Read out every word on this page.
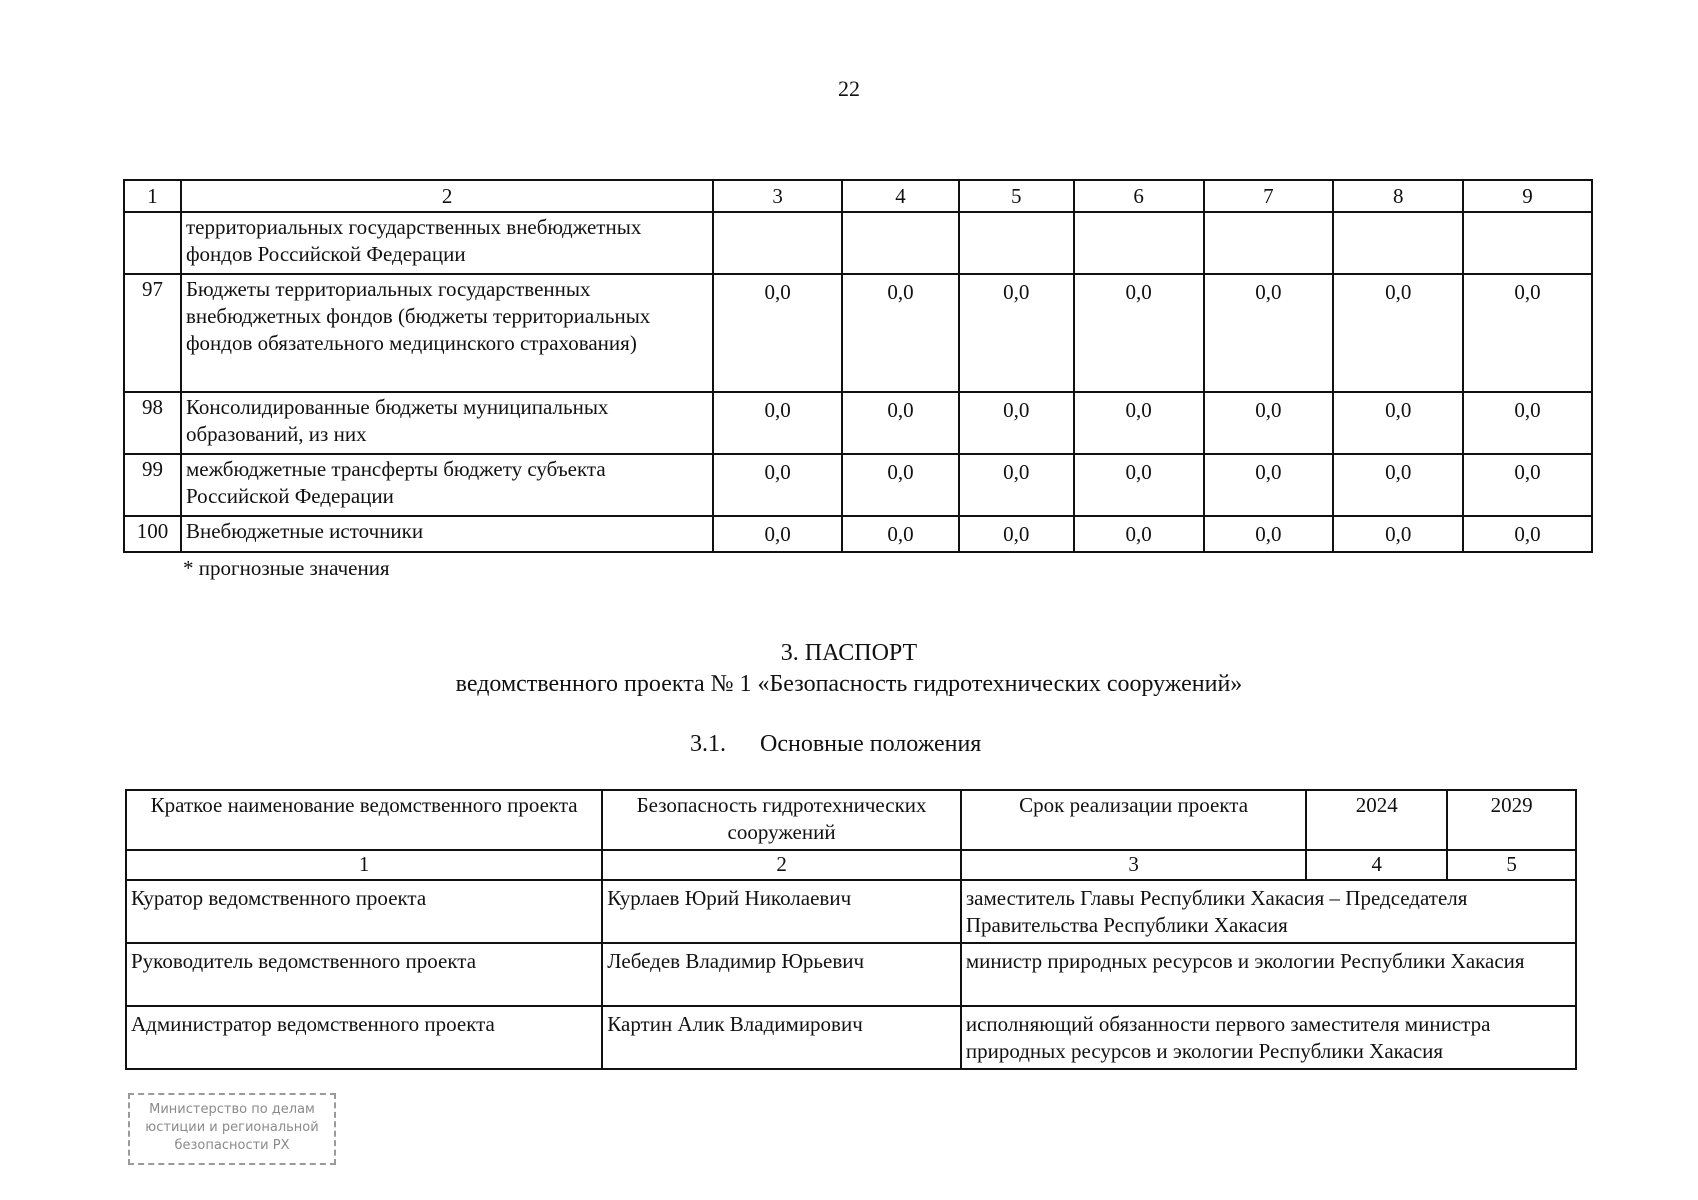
22
1	2	3	4	5	6	7	8	9
	территориальных государственных внебюджетных фондов Российской Федерации							
97	Бюджеты территориальных государственных внебюджетных фондов (бюджеты территориальных фондов обязательного медицинского страхования)	0,0	0,0	0,0	0,0	0,0	0,0	0,0
98	Консолидированные бюджеты муниципальных образований, из них	0,0	0,0	0,0	0,0	0,0	0,0	0,0
99	межбюджетные трансферты бюджету субъекта Российской Федерации	0,0	0,0	0,0	0,0	0,0	0,0	0,0
100	Внебюджетные источники	0,0	0,0	0,0	0,0	0,0	0,0	0,0
* прогнозные значения
3. ПАСПОРТ
ведомственного проекта № 1 «Безопасность гидротехнических сооружений»
3.1. Основные положения
Краткое наименование ведомственного проекта	Безопасность гидротехнических сооружений	Срок реализации проекта	2024	2029
1	2	3	4	5
Куратор ведомственного проекта	Курлаев Юрий Николаевич	заместитель Главы Республики Хакасия – Председателя Правительства Республики Хакасия		
Руководитель ведомственного проекта	Лебедев Владимир Юрьевич	министр природных ресурсов и экологии Республики Хакасия		
Администратор ведомственного проекта	Картин Алик Владимирович	исполняющий обязанности первого заместителя министра природных ресурсов и экологии Республики Хакасия		
Министерство по делам
юстиции и региональной
безопасности РХ
